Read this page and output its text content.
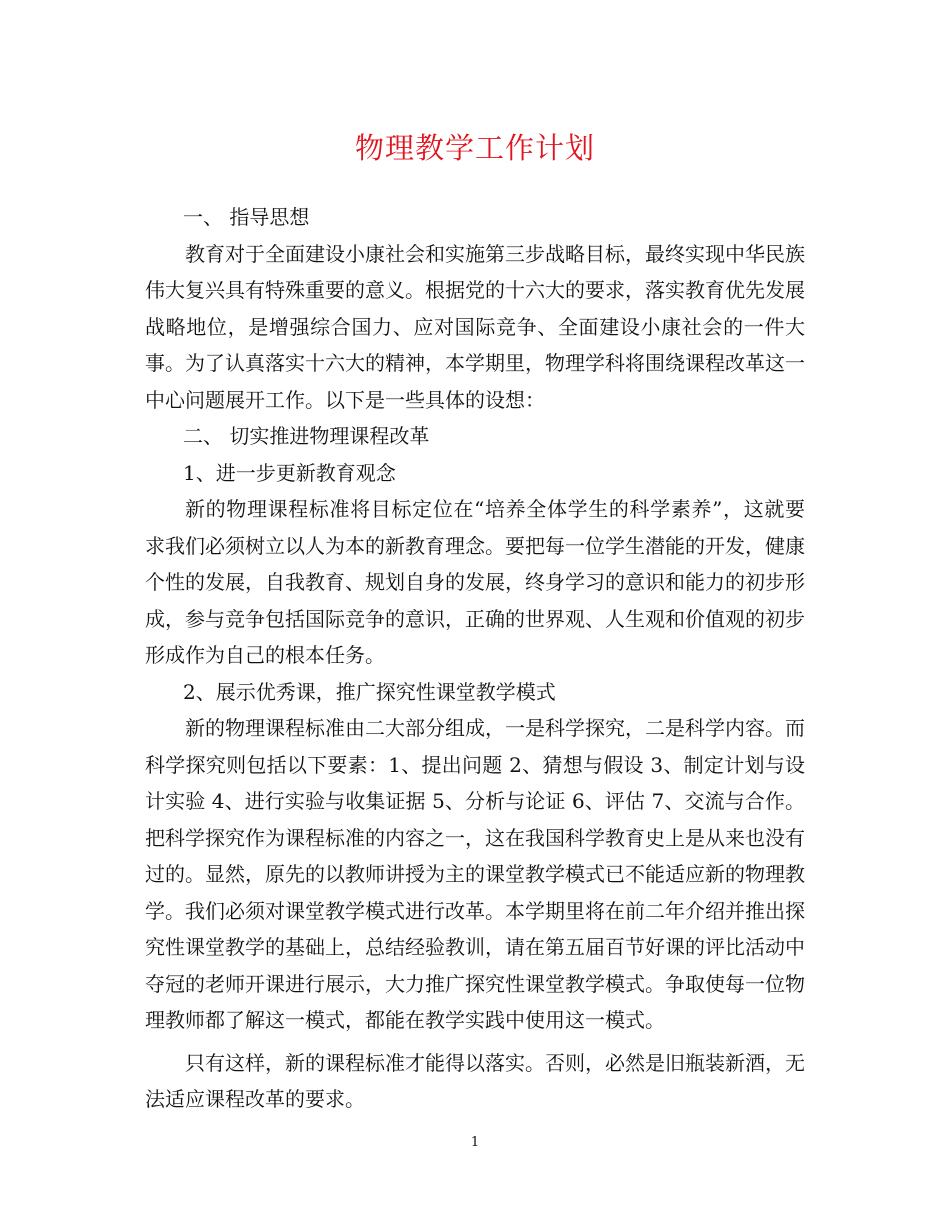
物理教学工作计划

一、 指导思想

教育对于全面建设小康社会和实施第三步战略目标，最终实现中华民族伟大复兴具有特殊重要的意义。根据党的十六大的要求，落实教育优先发展战略地位，是增强综合国力、应对国际竞争、全面建设小康社会的一件大事。为了认真落实十六大的精神，本学期里，物理学科将围绕课程改革这一中心问题展开工作。以下是一些具体的设想：

二、 切实推进物理课程改革

1、进一步更新教育观念

新的物理课程标准将目标定位在“培养全体学生的科学素养”，这就要求我们必须树立以人为本的新教育理念。要把每一位学生潜能的开发，健康个性的发展，自我教育、规划自身的发展，终身学习的意识和能力的初步形成，参与竞争包括国际竞争的意识，正确的世界观、人生观和价值观的初步形成作为自己的根本任务。

2、展示优秀课，推广探究性课堂教学模式

新的物理课程标准由二大部分组成，一是科学探究，二是科学内容。而科学探究则包括以下要素：1、提出问题 2、猜想与假设 3、制定计划与设计实验 4、进行实验与收集证据 5、分析与论证 6、评估 7、交流与合作。把科学探究作为课程标准的内容之一，这在我国科学教育史上是从来也没有过的。显然，原先的以教师讲授为主的课堂教学模式已不能适应新的物理教学。我们必须对课堂教学模式进行改革。本学期里将在前二年介绍并推出探究性课堂教学的基础上，总结经验教训，请在第五届百节好课的评比活动中夺冠的老师开课进行展示，大力推广探究性课堂教学模式。争取使每一位物理教师都了解这一模式，都能在教学实践中使用这一模式。

只有这样，新的课程标准才能得以落实。否则，必然是旧瓶装新酒，无法适应课程改革的要求。

1
